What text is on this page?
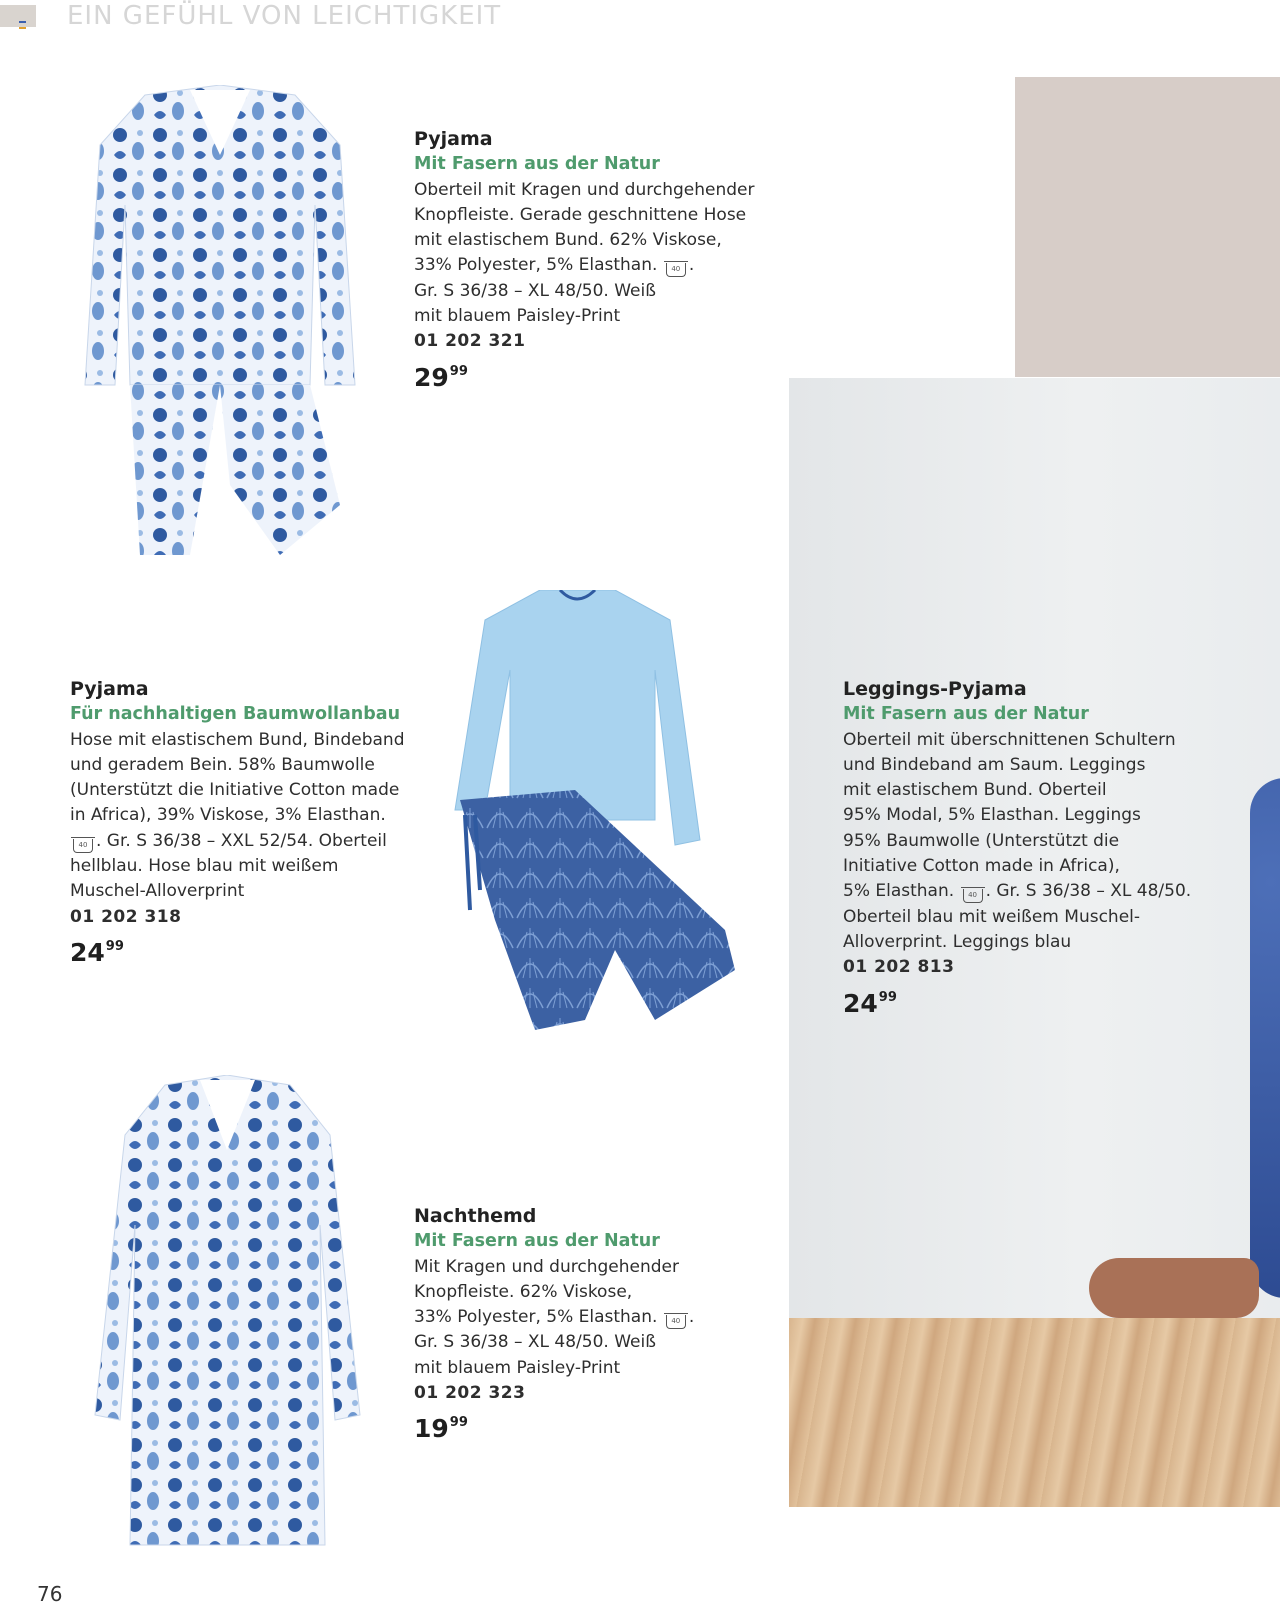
EIN GEFÜHL VON LEICHTIGKEIT
Pyjama
Mit Fasern aus der Natur
Oberteil mit Kragen und durchgehender
Knopfleiste. Gerade geschnittene Hose
mit elastischem Bund. 62% Viskose,
33% Polyester, 5% Elasthan. 40 .
Gr. S 36/38 – XL 48/50. Weiß
mit blauem Paisley-Print
01 202 321
$29^{99}$
Pyjama
Für nachhaltigen Baumwollanbau
Hose mit elastischem Bund, Bindeband
und geradem Bein. 58% Baumwolle
(Unterstützt die Initiative Cotton made
in Africa), 39% Viskose, 3% Elasthan.
40 . Gr. S 36/38 – XXL 52/54. Oberteil
hellblau. Hose blau mit weißem
Muschel-Alloverprint
01 202 318
$24^{99}$
Leggings-Pyjama
Mit Fasern aus der Natur
Oberteil mit überschnittenen Schultern
und Bindeband am Saum. Leggings
mit elastischem Bund. Oberteil
95% Modal, 5% Elasthan. Leggings
95% Baumwolle (Unterstützt die
Initiative Cotton made in Africa),
5% Elasthan. 40 . Gr. S 36/38 – XL 48/50.
Oberteil blau mit weißem Muschel-
Alloverprint. Leggings blau
01 202 813
$24^{99}$
Nachthemd
Mit Fasern aus der Natur
Mit Kragen und durchgehender
Knopfleiste. 62% Viskose,
33% Polyester, 5% Elasthan. 40 .
Gr. S 36/38 – XL 48/50. Weiß
mit blauem Paisley-Print
01 202 323
$19^{99}$
76
